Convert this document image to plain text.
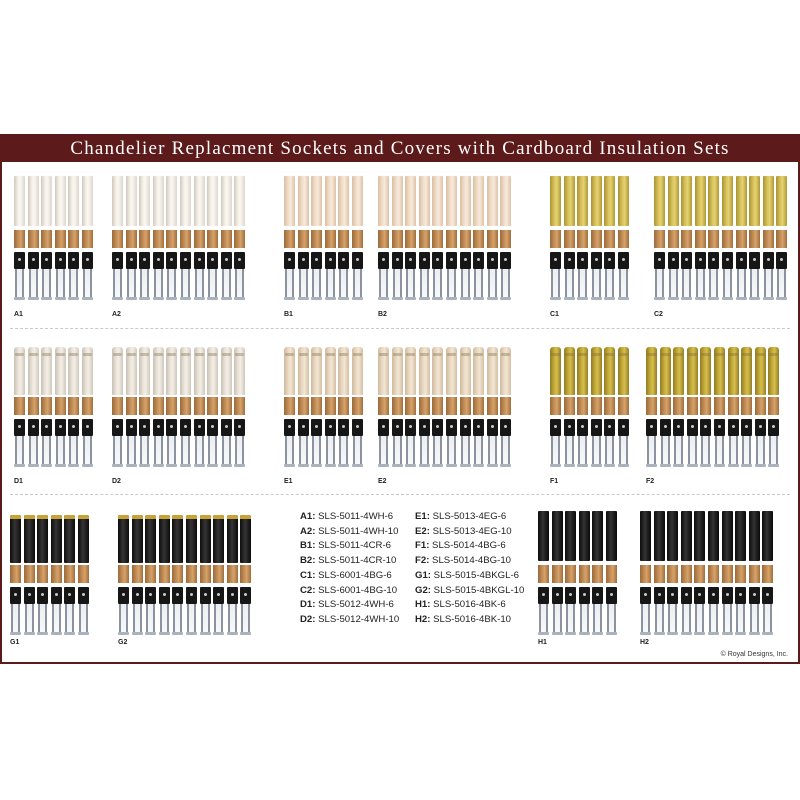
Chandelier Replacment Sockets and Covers with Cardboard Insulation Sets
A1	A2	B1	B2	C1	C2
D1	D2	E1	E2	F1	F2
G1	G2	H1	H2
A1: SLS-5011-4WH-6
A2: SLS-5011-4WH-10
B1: SLS-5011-4CR-6
B2: SLS-5011-4CR-10
C1: SLS-6001-4BG-6
C2: SLS-6001-4BG-10
D1: SLS-5012-4WH-6
D2: SLS-5012-4WH-10
E1: SLS-5013-4EG-6
E2: SLS-5013-4EG-10
F1: SLS-5014-4BG-6
F2: SLS-5014-4BG-10
G1: SLS-5015-4BKGL-6
G2: SLS-5015-4BKGL-10
H1: SLS-5016-4BK-6
H2: SLS-5016-4BK-10
© Royal Designs, Inc.
